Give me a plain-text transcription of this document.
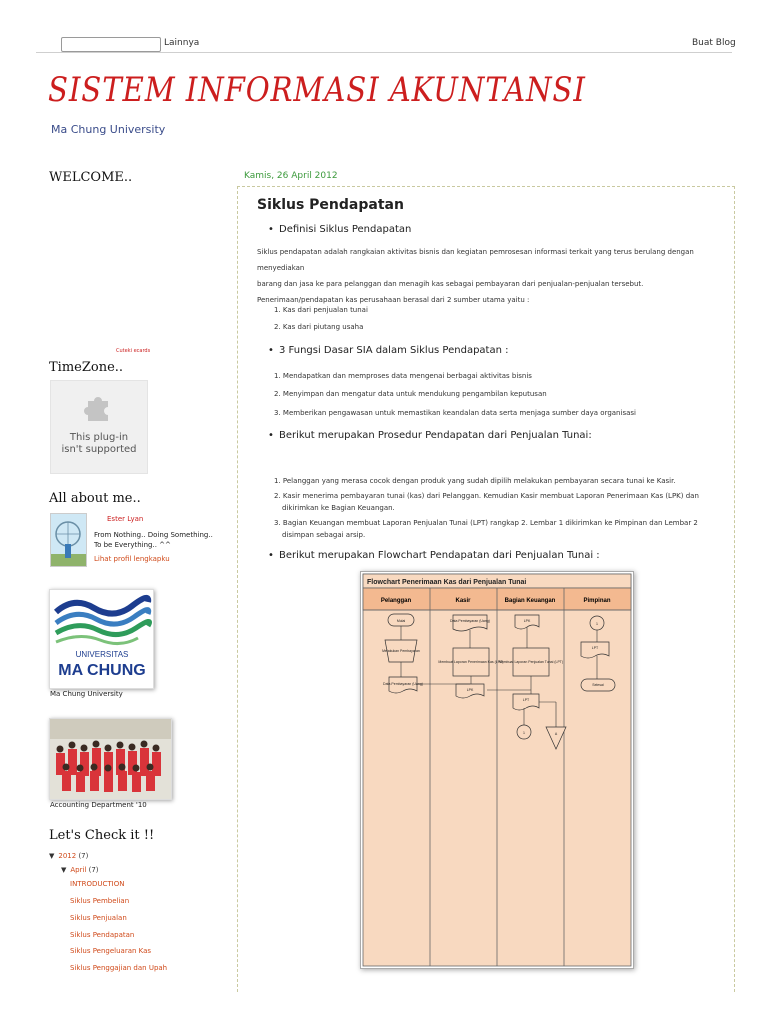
Lainnya	Buat Blog
SISTEM INFORMASI AKUNTANSI
Ma Chung University
WELCOME..
Cuteki ecards
TimeZone..
This plug-in
isn't supported
All about me..
Ester Lyan
From Nothing.. Doing Something..
To be Everything.. ^^
Lihat profil lengkapku
UNIVERSITAS
MA CHUNG
Ma Chung University
Accounting Department '10
Let's Check it !!
▼ 2012 (7)
▼ April (7)
INTRODUCTION
Siklus Pembelian
Siklus Penjualan
Siklus Pendapatan
Siklus Pengeluaran Kas
Siklus Penggajian dan Upah
Kamis, 26 April 2012
Siklus Pendapatan
• Definisi Siklus Pendapatan
Siklus pendapatan adalah rangkaian aktivitas bisnis dan kegiatan pemrosesan informasi terkait yang terus berulang dengan menyediakan
barang dan jasa ke para pelanggan dan menagih kas sebagai pembayaran dari penjualan-penjualan tersebut.
Penerimaan/pendapatan kas perusahaan berasal dari 2 sumber utama yaitu :
1. Kas dari penjualan tunai
2. Kas dari piutang usaha
• 3 Fungsi Dasar SIA dalam Siklus Pendapatan :
1. Mendapatkan dan memproses data mengenai berbagai aktivitas bisnis
2. Menyimpan dan mengatur data untuk mendukung pengambilan keputusan
3. Memberikan pengawasan untuk memastikan keandalan data serta menjaga sumber daya organisasi
• Berikut merupakan Prosedur Pendapatan dari Penjualan Tunai:
1. Pelanggan yang merasa cocok dengan produk yang sudah dipilih melakukan pembayaran secara tunai ke Kasir.
2. Kasir menerima pembayaran tunai (kas) dari Pelanggan. Kemudian Kasir membuat Laporan Penerimaan Kas (LPK) dan
dikirimkan ke Bagian Keuangan.
3. Bagian Keuangan membuat Laporan Penjualan Tunai (LPT) rangkap 2. Lembar 1 dikirimkan ke Pimpinan dan Lembar 2
disimpan sebagai arsip.
• Berikut merupakan Flowchart Pendapatan dari Penjualan Tunai :
Flowchart Penerimaan Kas dari Penjualan Tunai
Pelanggan	Kasir	Bagian Keuangan	Pimpinan
Mulai
Melakukan Pembayaran
Data Pembayaran (Uang)
Data Pembayaran (Uang)
Membuat Laporan Penerimaan Kas (LPK)
LPK
LPK
Membuat Laporan Penjualan Tunai (LPT)
LPT
1	A
1
LPT
Selesai
